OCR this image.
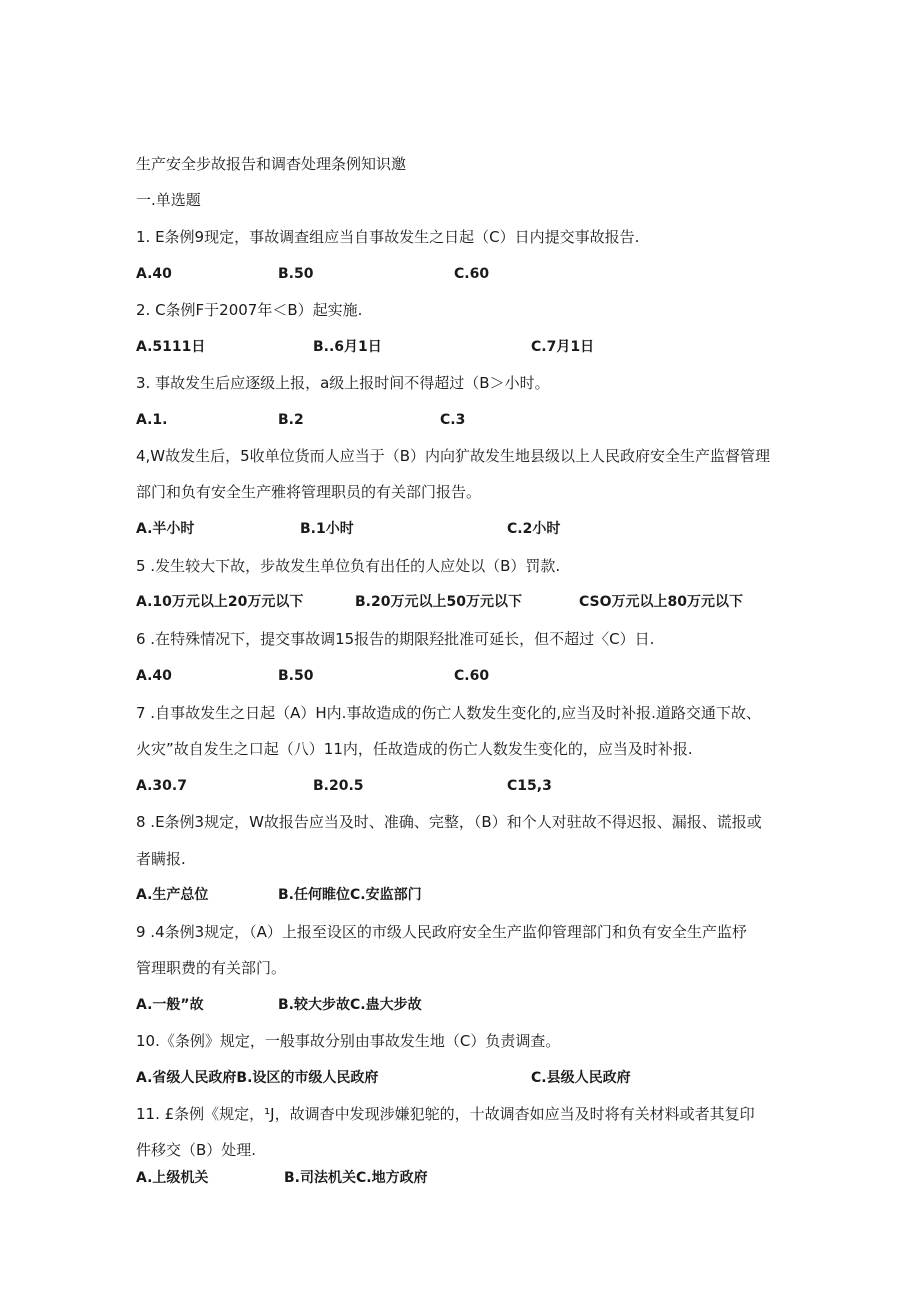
生产安全步故报告和调杳处理条例知识邀
一.单选题
1. E条例9现定，事故调查组应当自事故发生之日起（C）日内提交事故报告.
A.40	B.50	C.60
2. C条例F于2007年＜B）起实施.
A.5111日	B..6月1日	C.7月1日
3. 事故发生后应逐级上报，a级上报时间不得超过（B＞小时。
A.1.	B.2	C.3
4,W故发生后，5收单位货而人应当于（B）内向犷故发生地县级以上人民政府安全生产监督管理
部门和负有安全生产雅将管理职员的有关部门报告。
A.半小时	B.1小时	C.2小时
5 .发生较大下故，步故发生单位负有出任的人应处以（B）罚款.
A.10万元以上20万元以下	B.20万元以上50万元以下	CSO万元以上80万元以下
6 .在特殊情况下，提交事故调15报告的期限羟批准可延长，但不超过〈C）日.
A.40	B.50	C.60
7 .自事故发生之日起（A）H内.事故造成的伤亡人数发生变化的,应当及时补报.道路交通下故、
火灾”故自发生之口起（八）11内，任故造成的伤亡人数发生变化的，应当及时补报.
A.30.7	B.20.5	C15,3
8 .E条例3规定，W故报告应当及时、准确、完整，（B）和个人对驻故不得迟报、漏报、谎报或
者瞒报.
A.生产总位	B.任何睢位C.安监部门
9 .4条例3规定，（A）上报至设区的市级人民政府安全生产监仰管理部门和负有安全生产监杼
管理职费的有关部门。
A.一般”故	B.较大步故C.蛊大步故
10.《条例》规定，一般事故分别由事故发生地（C）负责调查。
A.省级人民政府B.设区的市级人民政府	C.县级人民政府
11. £条例《规定，¹J，故调杳中发现涉嫌犯鸵的，十故调杳如应当及时将有关材料或者其复印
件移交（B）处理.
A.上级机关	B.司法机关C.地方政府
